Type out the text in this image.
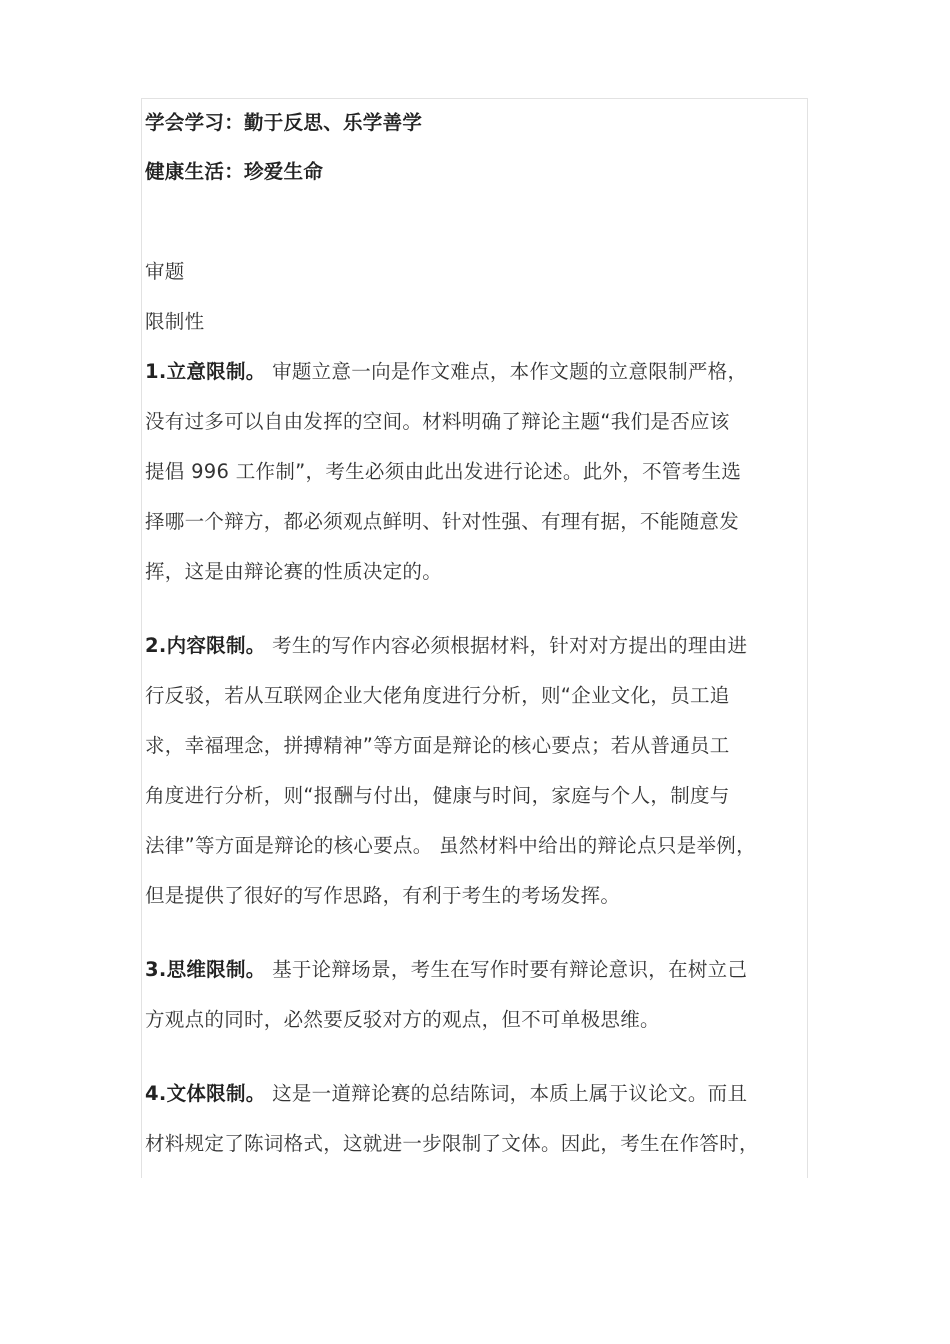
学会学习：勤于反思、乐学善学
健康生活：珍爱生命
审题
限制性
1.立意限制。 审题立意一向是作文难点，本作文题的立意限制严格，
没有过多可以自由发挥的空间。材料明确了辩论主题“我们是否应该
提倡 996 工作制”，考生必须由此出发进行论述。此外，不管考生选
择哪一个辩方，都必须观点鲜明、针对性强、有理有据，不能随意发
挥，这是由辩论赛的性质决定的。
2.内容限制。 考生的写作内容必须根据材料，针对对方提出的理由进
行反驳，若从互联网企业大佬角度进行分析，则“企业文化，员工追
求，幸福理念，拼搏精神”等方面是辩论的核心要点；若从普通员工
角度进行分析，则“报酬与付出，健康与时间，家庭与个人，制度与
法律”等方面是辩论的核心要点。 虽然材料中给出的辩论点只是举例，
但是提供了很好的写作思路，有利于考生的考场发挥。
3.思维限制。 基于论辩场景，考生在写作时要有辩论意识，在树立己
方观点的同时，必然要反驳对方的观点，但不可单极思维。
4.文体限制。 这是一道辩论赛的总结陈词，本质上属于议论文。而且
材料规定了陈词格式，这就进一步限制了文体。因此，考生在作答时，
